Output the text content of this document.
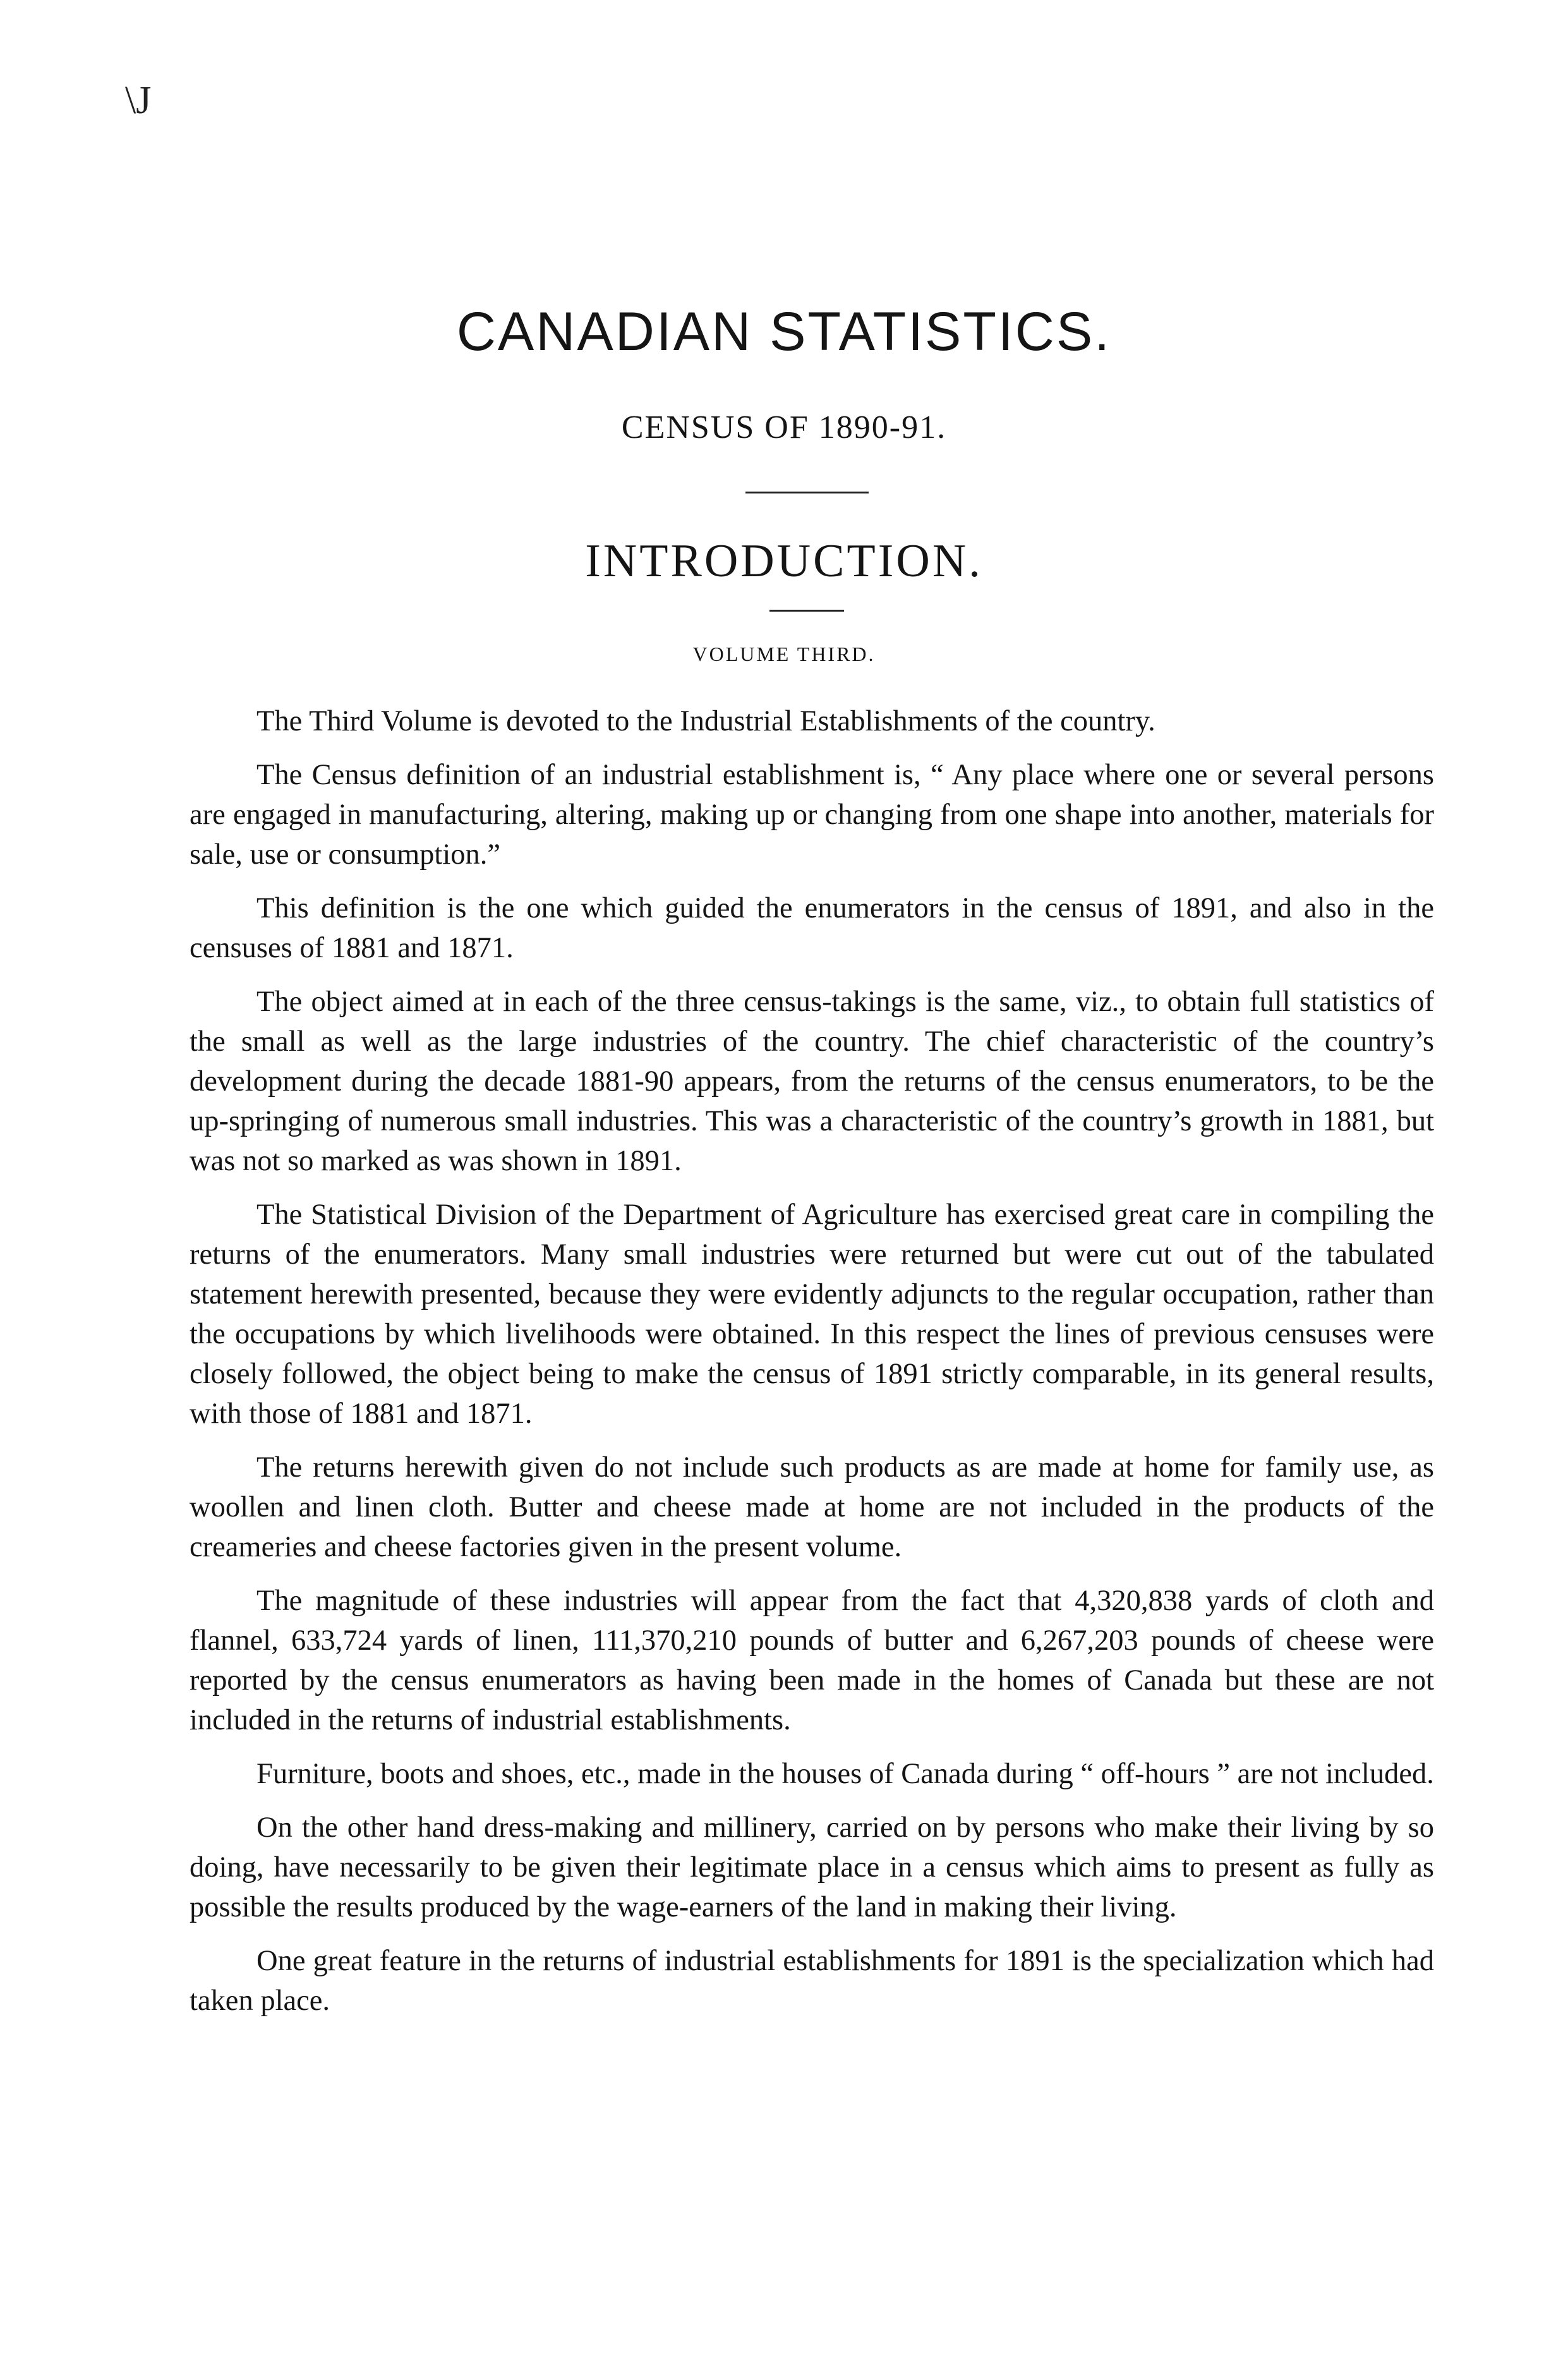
\J
CANADIAN STATISTICS.
CENSUS OF 1890-91.
INTRODUCTION.
VOLUME THIRD.

The Third Volume is devoted to the Industrial Establishments of the country.

The Census definition of an industrial establishment is, “ Any place where one or several persons are engaged in manufacturing, altering, making up or changing from one shape into another, materials for sale, use or consumption.”

This definition is the one which guided the enumerators in the census of 1891, and also in the censuses of 1881 and 1871.

The object aimed at in each of the three census-takings is the same, viz., to obtain full statistics of the small as well as the large industries of the country. The chief characteristic of the country’s development during the decade 1881-90 appears, from the returns of the census enumerators, to be the up-springing of numerous small industries. This was a characteristic of the country’s growth in 1881, but was not so marked as was shown in 1891.

The Statistical Division of the Department of Agriculture has exercised great care in compiling the returns of the enumerators. Many small industries were returned but were cut out of the tabulated statement herewith presented, because they were evidently adjuncts to the regular occupation, rather than the occupations by which livelihoods were obtained. In this respect the lines of previous censuses were closely followed, the object being to make the census of 1891 strictly comparable, in its general results, with those of 1881 and 1871.

The returns herewith given do not include such products as are made at home for family use, as woollen and linen cloth. Butter and cheese made at home are not included in the products of the creameries and cheese factories given in the present volume.

The magnitude of these industries will appear from the fact that 4,320,838 yards of cloth and flannel, 633,724 yards of linen, 111,370,210 pounds of butter and 6,267,203 pounds of cheese were reported by the census enumerators as having been made in the homes of Canada but these are not included in the returns of industrial establishments.

Furniture, boots and shoes, etc., made in the houses of Canada during “ off-hours ” are not included.

On the other hand dress-making and millinery, carried on by persons who make their living by so doing, have necessarily to be given their legitimate place in a census which aims to present as fully as possible the results produced by the wage-earners of the land in making their living.

One great feature in the returns of industrial establishments for 1891 is the specialization which had taken place.
